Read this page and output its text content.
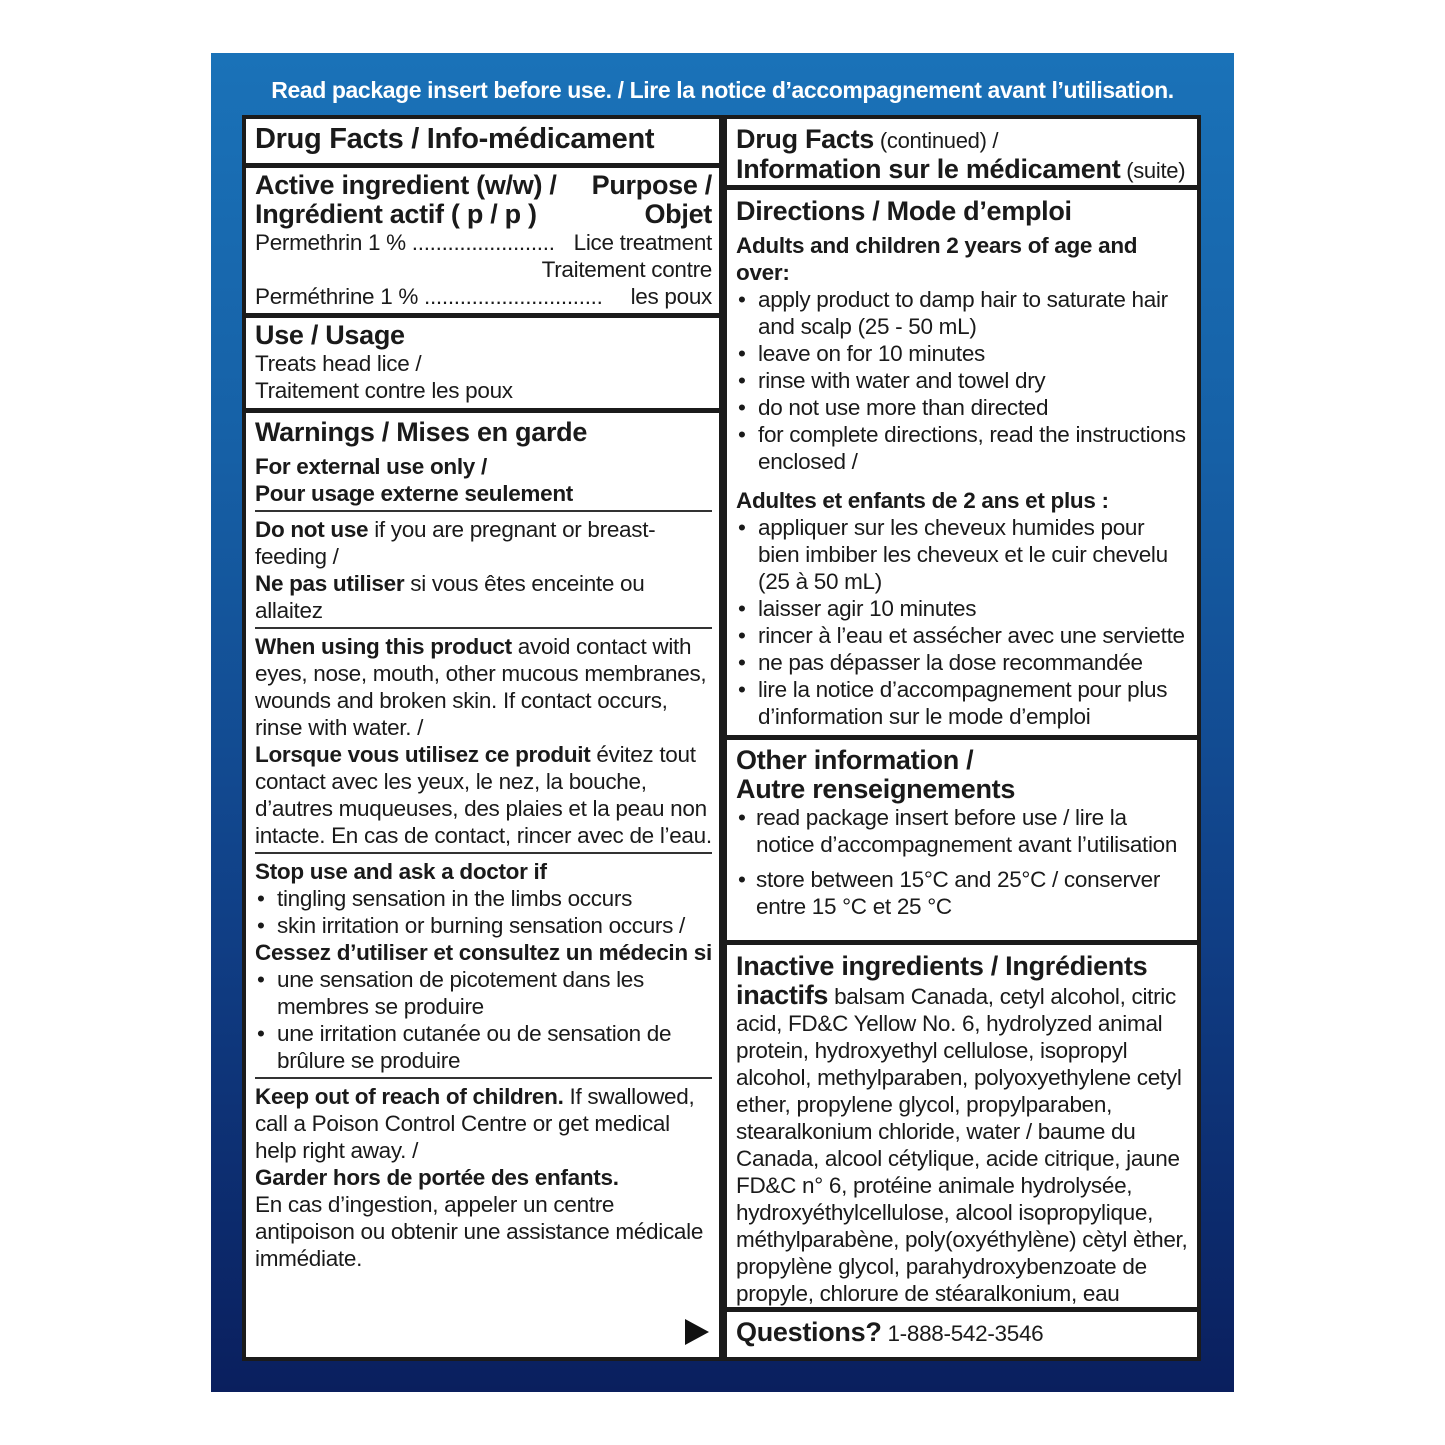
Read package insert before use. / Lire la notice d’accompagnement avant l’utilisation.
Drug Facts / Info-médicament
Active ingredient (w/w) / Purpose /
Ingrédient actif ( p / p )	Objet
Permethrin 1 % ........................ Lice treatment
Traitement contre
Perméthrine 1 % .............................. les poux
Use / Usage
Treats head lice /
Traitement contre les poux
Warnings / Mises en garde
For external use only /
Pour usage externe seulement
Do not use if you are pregnant or breast-feeding /
Ne pas utiliser si vous êtes enceinte ou allaitez
When using this product avoid contact with eyes, nose, mouth, other mucous membranes, wounds and broken skin. If contact occurs, rinse with water. /
Lorsque vous utilisez ce produit évitez tout contact avec les yeux, le nez, la bouche, d’autres muqueuses, des plaies et la peau non intacte. En cas de contact, rincer avec de l’eau.
Stop use and ask a doctor if
• tingling sensation in the limbs occurs
• skin irritation or burning sensation occurs /
Cessez d’utiliser et consultez un médecin si
• une sensation de picotement dans les membres se produire
• une irritation cutanée ou de sensation de brûlure se produire
Keep out of reach of children. If swallowed, call a Poison Control Centre or get medical help right away. /
Garder hors de portée des enfants.
En cas d’ingestion, appeler un centre antipoison ou obtenir une assistance médicale immédiate.
Drug Facts (continued) /
Information sur le médicament (suite)
Directions / Mode d’emploi
Adults and children 2 years of age and over:
• apply product to damp hair to saturate hair and scalp (25 - 50 mL)
• leave on for 10 minutes
• rinse with water and towel dry
• do not use more than directed
• for complete directions, read the instructions enclosed /
Adultes et enfants de 2 ans et plus :
• appliquer sur les cheveux humides pour bien imbiber les cheveux et le cuir chevelu (25 à 50 mL)
• laisser agir 10 minutes
• rincer à l’eau et assécher avec une serviette
• ne pas dépasser la dose recommandée
• lire la notice d’accompagnement pour plus d’information sur le mode d’emploi
Other information /
Autre renseignements
• read package insert before use / lire la notice d’accompagnement avant l’utilisation
• store between 15°C and 25°C / conserver entre 15 °C et 25 °C
Inactive ingredients / Ingrédients inactifs balsam Canada, cetyl alcohol, citric acid, FD&C Yellow No. 6, hydrolyzed animal protein, hydroxyethyl cellulose, isopropyl alcohol, methylparaben, polyoxyethylene cetyl ether, propylene glycol, propylparaben, stearalkonium chloride, water / baume du Canada, alcool cétylique, acide citrique, jaune FD&C n° 6, protéine animale hydrolysée, hydroxyéthylcellulose, alcool isopropylique, méthylparabène, poly(oxyéthylène) cètyl èther, propylène glycol, parahydroxybenzoate de propyle, chlorure de stéaralkonium, eau
Questions? 1-888-542-3546
